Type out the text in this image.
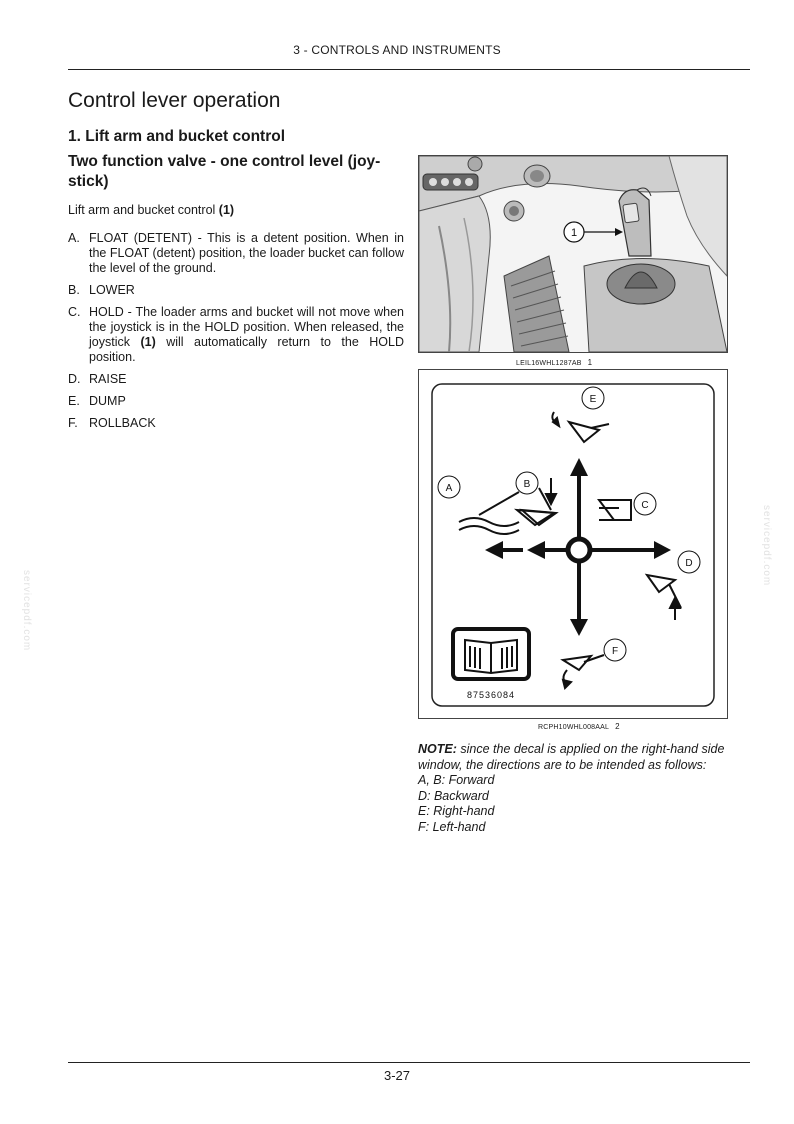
3 - CONTROLS AND INSTRUMENTS
Control lever operation
1. Lift arm and bucket control
Two function valve - one control level (joy-stick)
Lift arm and bucket control (1)
A. FLOAT (DETENT) - This is a detent position. When in the FLOAT (detent) position, the loader bucket can follow the level of the ground.
B. LOWER
C. HOLD - The loader arms and bucket will not move when the joystick is in the HOLD position. When released, the joystick (1) will automatically return to the HOLD position.
D. RAISE
E. DUMP
F. ROLLBACK
1
LEIL16WHL1287AB 1
E
A	B
C
D
F
87536084
RCPH10WHL008AAL 2
NOTE: since the decal is applied on the right-hand side window, the directions are to be intended as follows:
A, B: Forward
D: Backward
E: Right-hand
F: Left-hand
servicepdf.com
servicepdf.com
3-27
